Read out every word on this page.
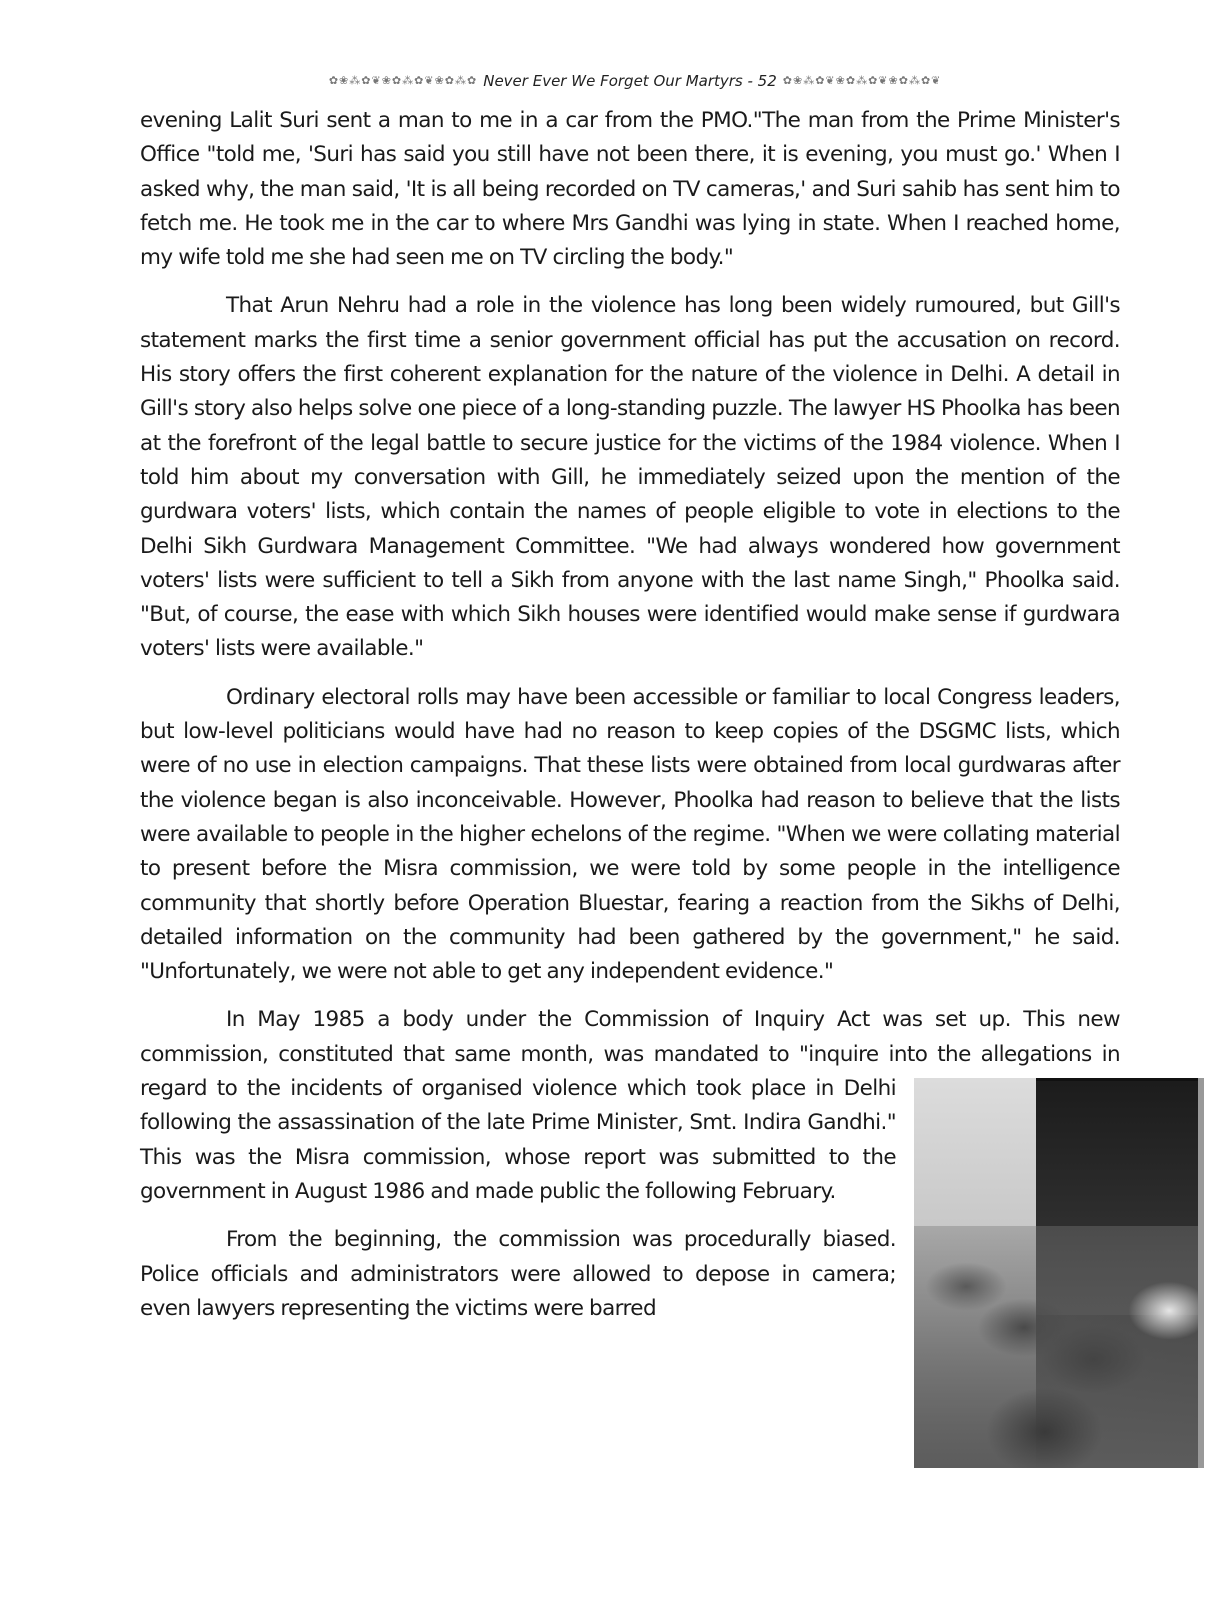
✿❀⁂✿❦❀✿⁂✿❦❀✿⁂✿ Never Ever We Forget Our Martyrs - 52 ✿❀⁂✿❦❀✿⁂✿❦❀✿⁂✿❦

evening Lalit Suri sent a man to me in a car from the PMO."The man from the Prime Minister's Office "told me, 'Suri has said you still have not been there, it is evening, you must go.' When I asked why, the man said, 'It is all being recorded on TV cameras,' and Suri sahib has sent him to fetch me. He took me in the car to where Mrs Gandhi was lying in state. When I reached home, my wife told me she had seen me on TV circling the body."

That Arun Nehru had a role in the violence has long been widely rumoured, but Gill's statement marks the first time a senior government official has put the accusation on record. His story offers the first coherent explanation for the nature of the violence in Delhi. A detail in Gill's story also helps solve one piece of a long-standing puzzle. The lawyer HS Phoolka has been at the forefront of the legal battle to secure justice for the victims of the 1984 violence. When I told him about my conversation with Gill, he immediately seized upon the mention of the gurdwara voters' lists, which contain the names of people eligible to vote in elections to the Delhi Sikh Gurdwara Management Committee. "We had always wondered how government voters' lists were sufficient to tell a Sikh from anyone with the last name Singh," Phoolka said. "But, of course, the ease with which Sikh houses were identified would make sense if gurdwara voters' lists were available."

Ordinary electoral rolls may have been accessible or familiar to local Congress leaders, but low-level politicians would have had no reason to keep copies of the DSGMC lists, which were of no use in election campaigns. That these lists were obtained from local gurdwaras after the violence began is also inconceivable. However, Phoolka had reason to believe that the lists were available to people in the higher echelons of the regime. "When we were collating material to present before the Misra commission, we were told by some people in the intelligence community that shortly before Operation Bluestar, fearing a reaction from the Sikhs of Delhi, detailed information on the community had been gathered by the government," he said. "Unfortunately, we were not able to get any independent evidence."

In May 1985 a body under the Commission of Inquiry Act was set up. This new commission, constituted that same month, was mandated to "inquire into the
allegations in regard to the incidents of organised violence which took place in Delhi following the assassination of the late Prime Minister, Smt. Indira Gandhi." This was the Misra commission, whose report was submitted to the government in August 1986 and made public the following February.

From the beginning, the commission was procedurally biased. Police officials and administrators were allowed to depose in camera; even lawyers representing the victims were barred
